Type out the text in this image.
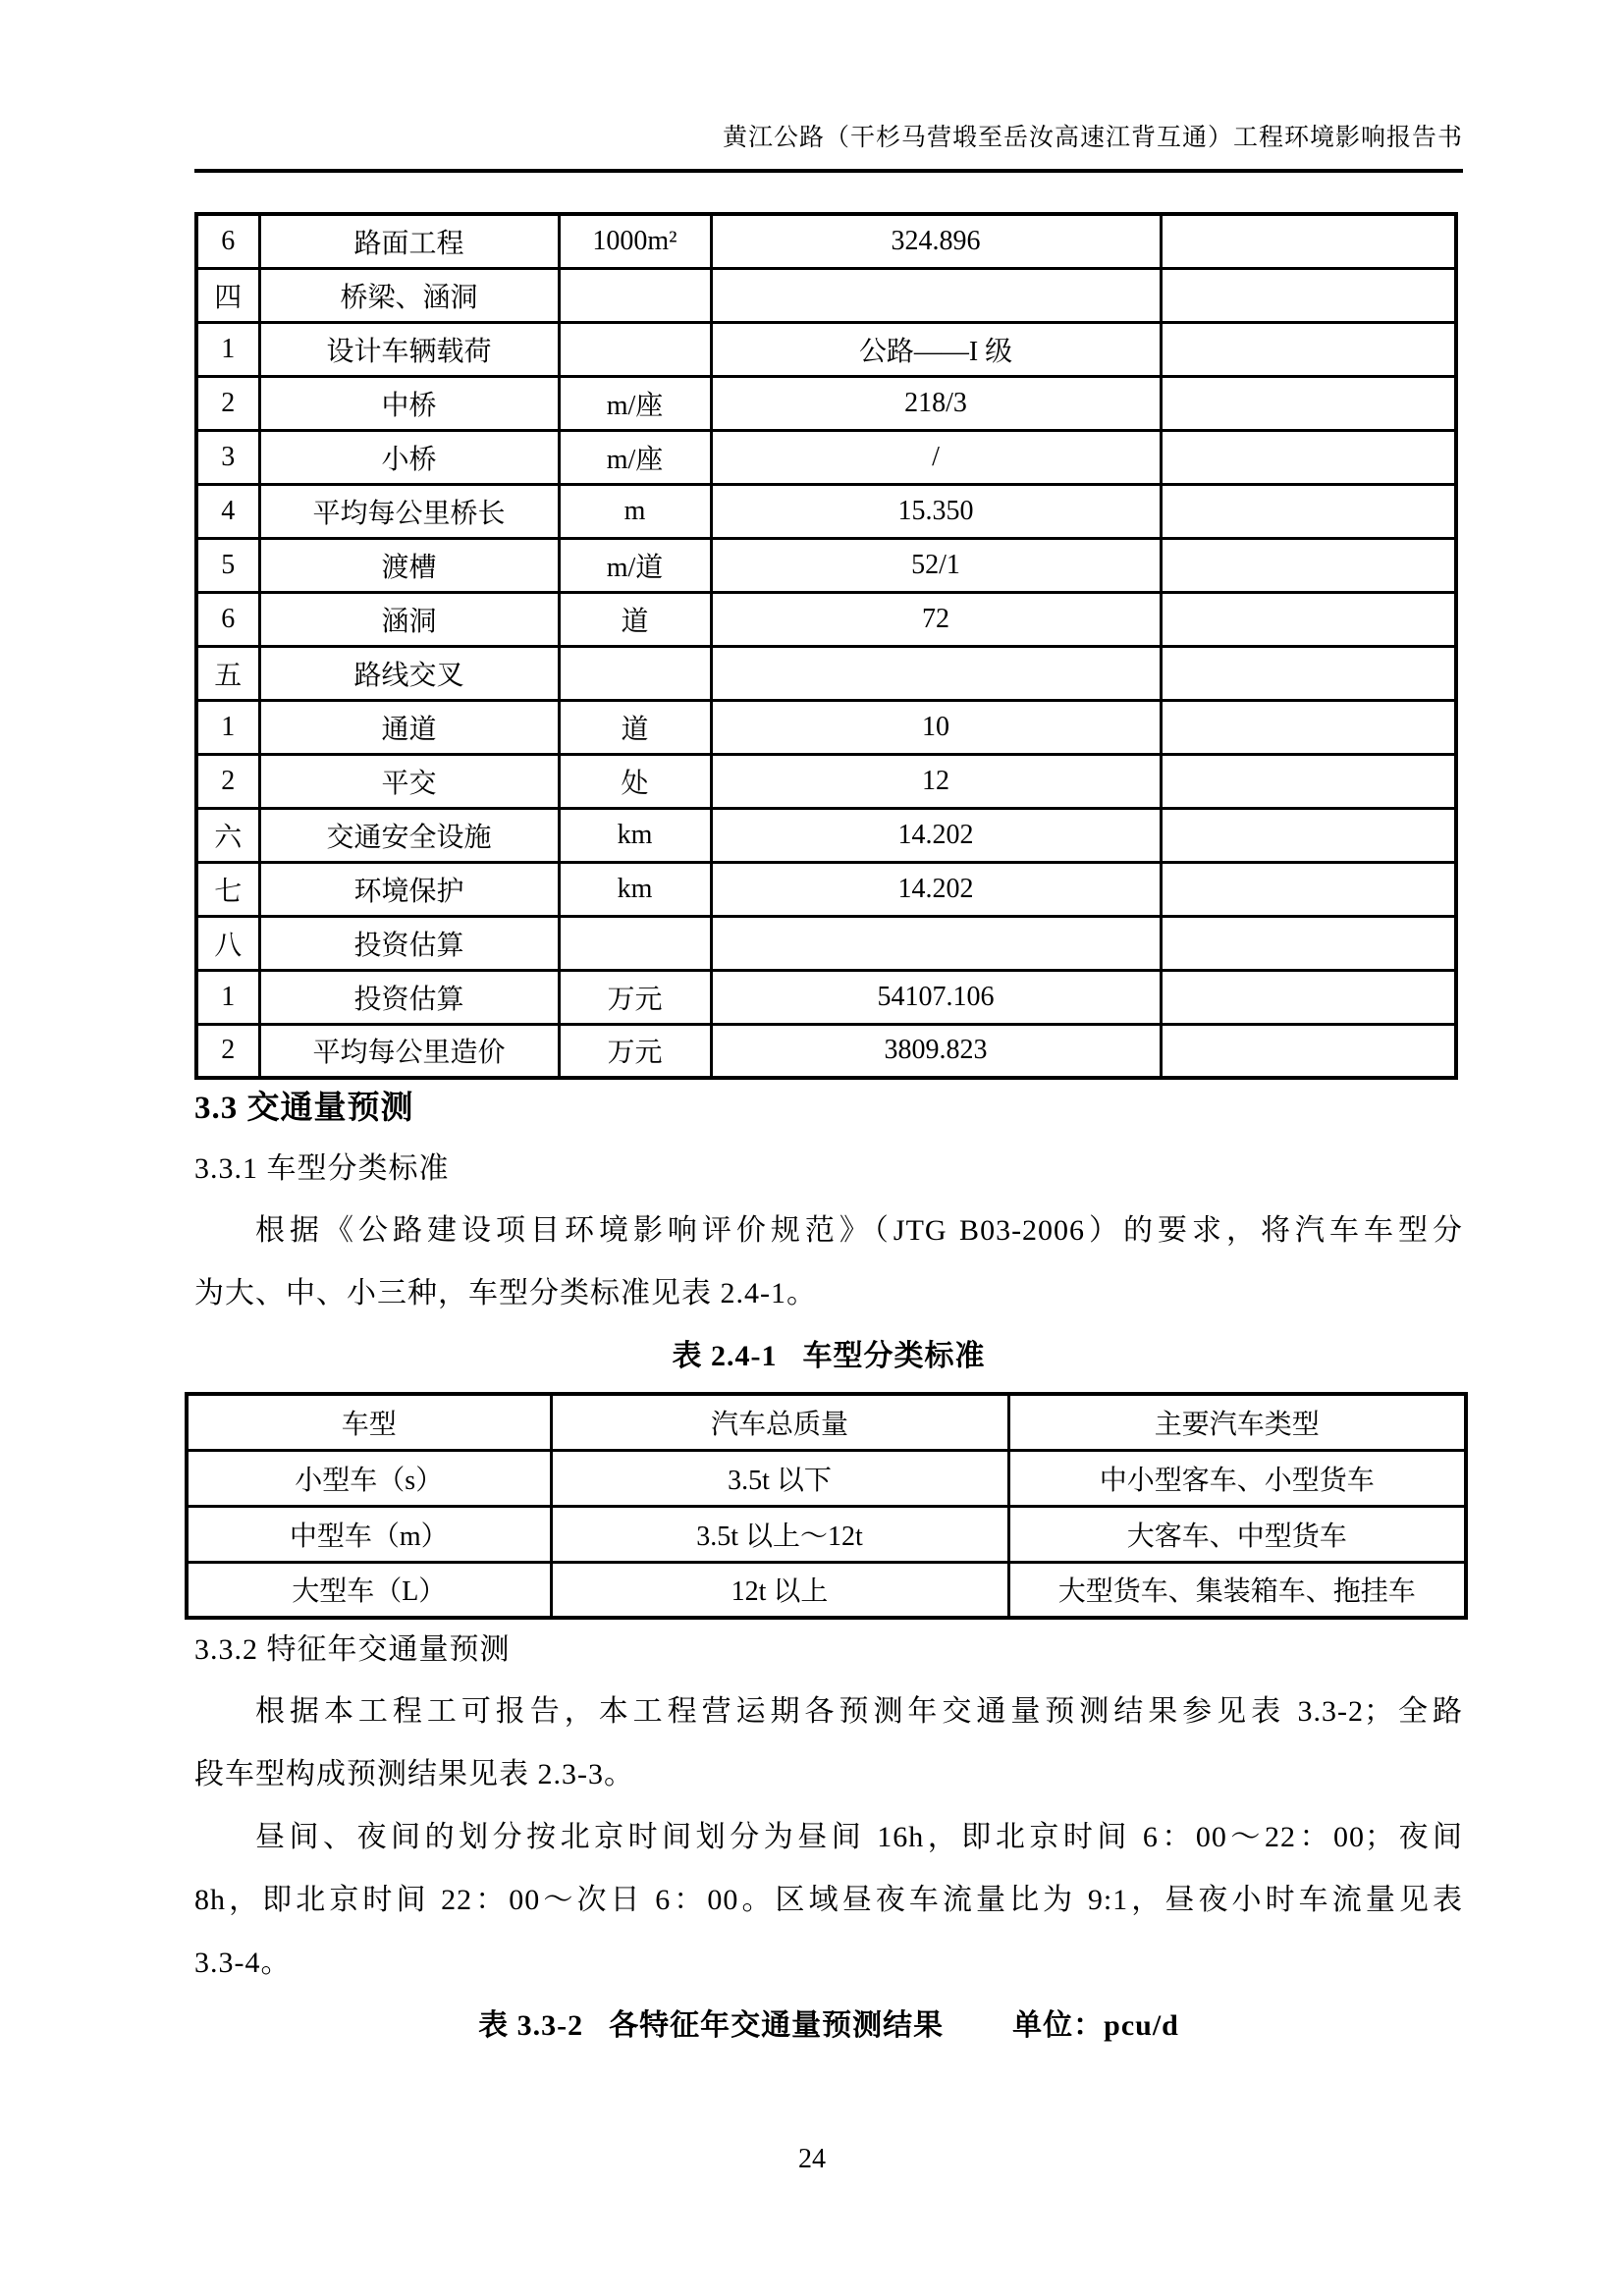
黄江公路（干杉马营塅至岳汝高速江背互通）工程环境影响报告书
6	路面工程	1000m²	324.896	
四	桥梁、涵洞			
1	设计车辆载荷		公路——I 级	
2	中桥	m/座	218/3	
3	小桥	m/座	/	
4	平均每公里桥长	m	15.350	
5	渡槽	m/道	52/1	
6	涵洞	道	72	
五	路线交叉			
1	通道	道	10	
2	平交	处	12	
六	交通安全设施	km	14.202	
七	环境保护	km	14.202	
八	投资估算			
1	投资估算	万元	54107.106	
2	平均每公里造价	万元	3809.823	
3.3 交通量预测
3.3.1 车型分类标准
根据《公路建设项目环境影响评价规范》（JTG B03-2006）的要求，将汽车车型分
为大、中、小三种，车型分类标准见表 2.4-1。
表 2.4-1 车型分类标准
车型	汽车总质量	主要汽车类型
小型车（s）	3.5t 以下	中小型客车、小型货车
中型车（m）	3.5t 以上～12t	大客车、中型货车
大型车（L）	12t 以上	大型货车、集装箱车、拖挂车
3.3.2 特征年交通量预测
根据本工程工可报告，本工程营运期各预测年交通量预测结果参见表 3.3-2；全路
段车型构成预测结果见表 2.3-3。
昼间、夜间的划分按北京时间划分为昼间 16h，即北京时间 6：00～22：00；夜间
8h，即北京时间 22：00～次日 6：00。区域昼夜车流量比为 9:1，昼夜小时车流量见表
3.3-4。
表 3.3-2 各特征年交通量预测结果 单位：pcu/d
24
